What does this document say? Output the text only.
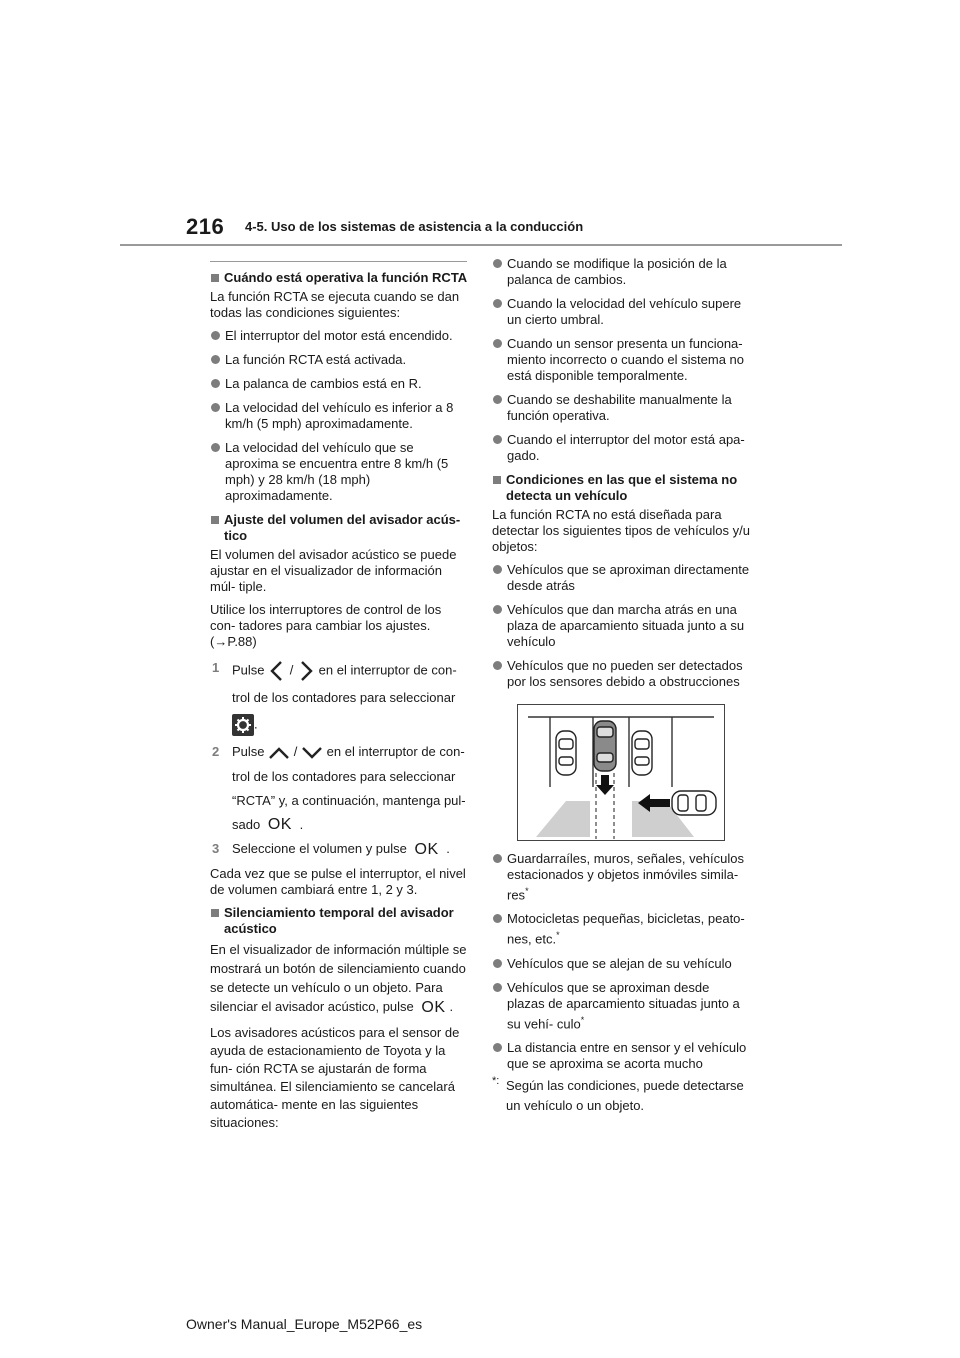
216 4-5. Uso de los sistemas de asistencia a la conducción
Cuándo está operativa la función RCTA
La función RCTA se ejecuta cuando se dan todas las condiciones siguientes:
El interruptor del motor está encendido.
La función RCTA está activada.
La palanca de cambios está en R.
La velocidad del vehículo es inferior a 8 km/h (5 mph) aproximadamente.
La velocidad del vehículo que se aproxima se encuentra entre 8 km/h (5 mph) y 28 km/h (18 mph) aproximadamente.
Ajuste del volumen del avisador acús- tico
El volumen del avisador acústico se puede ajustar en el visualizador de información múl- tiple.
Utilice los interruptores de control de los con- tadores para cambiar los ajustes. (→P.88)
1 Pulse / en el interruptor de con-
trol de los contadores para seleccionar
.
2 Pulse / en el interruptor de con-
trol de los contadores para seleccionar
“RCTA” y, a continuación, mantenga pul-
sado OK .
3 Seleccione el volumen y pulse OK .
Cada vez que se pulse el interruptor, el nivel de volumen cambiará entre 1, 2 y 3.
Silenciamiento temporal del avisador acústico
En el visualizador de información múltiple se mostrará un botón de silenciamiento cuando se detecte un vehículo o un objeto. Para silenciar el avisador acústico, pulse OK .
Los avisadores acústicos para el sensor de ayuda de estacionamiento de Toyota y la fun- ción RCTA se ajustarán de forma simultánea. El silenciamiento se cancelará automática- mente en las siguientes situaciones:
Cuando se modifique la posición de la palanca de cambios.
Cuando la velocidad del vehículo supere un cierto umbral.
Cuando un sensor presenta un funciona- miento incorrecto o cuando el sistema no está disponible temporalmente.
Cuando se deshabilite manualmente la función operativa.
Cuando el interruptor del motor está apa- gado.
Condiciones en las que el sistema no detecta un vehículo
La función RCTA no está diseñada para detectar los siguientes tipos de vehículos y/u objetos:
Vehículos que se aproximan directamente desde atrás
Vehículos que dan marcha atrás en una plaza de aparcamiento situada junto a su vehículo
Vehículos que no pueden ser detectados por los sensores debido a obstrucciones
Guardarraíles, muros, señales, vehículos estacionados y objetos inmóviles simila- res*
Motocicletas pequeñas, bicicletas, peato- nes, etc.*
Vehículos que se alejan de su vehículo
Vehículos que se aproximan desde plazas de aparcamiento situadas junto a su vehí- culo*
La distancia entre en sensor y el vehículo que se aproxima se acorta mucho
*: Según las condiciones, puede detectarse un vehículo o un objeto.
Owner's Manual_Europe_M52P66_es
